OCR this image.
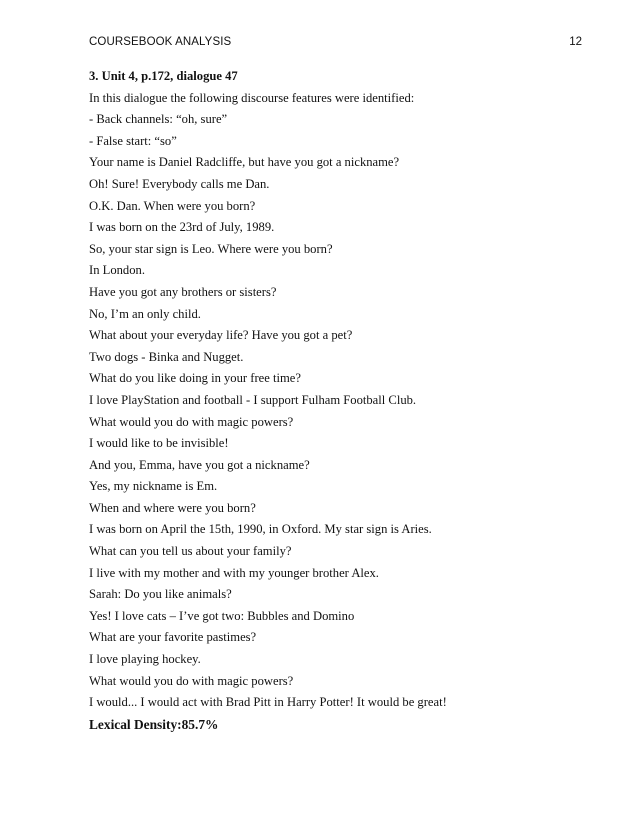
COURSEBOOK ANALYSIS	12
3. Unit 4, p.172, dialogue 47
In this dialogue the following discourse features were identified:
- Back channels: “oh, sure”
- False start: “so”
Your name is Daniel Radcliffe, but have you got a nickname?
Oh! Sure! Everybody calls me Dan.
O.K. Dan. When were you born?
I was born on the 23rd of July, 1989.
So, your star sign is Leo. Where were you born?
In London.
Have you got any brothers or sisters?
No, I’m an only child.
What about your everyday life? Have you got a pet?
Two dogs - Binka and Nugget.
What do you like doing in your free time?
I love PlayStation and football - I support Fulham Football Club.
What would you do with magic powers?
I would like to be invisible!
And you, Emma, have you got a nickname?
Yes, my nickname is Em.
When and where were you born?
I was born on April the 15th, 1990, in Oxford. My star sign is Aries.
What can you tell us about your family?
I live with my mother and with my younger brother Alex.
Sarah: Do you like animals?
Yes! I love cats – I’ve got two: Bubbles and Domino
What are your favorite pastimes?
I love playing hockey.
What would you do with magic powers?
I would... I would act with Brad Pitt in Harry Potter! It would be great!
Lexical Density:85.7%
